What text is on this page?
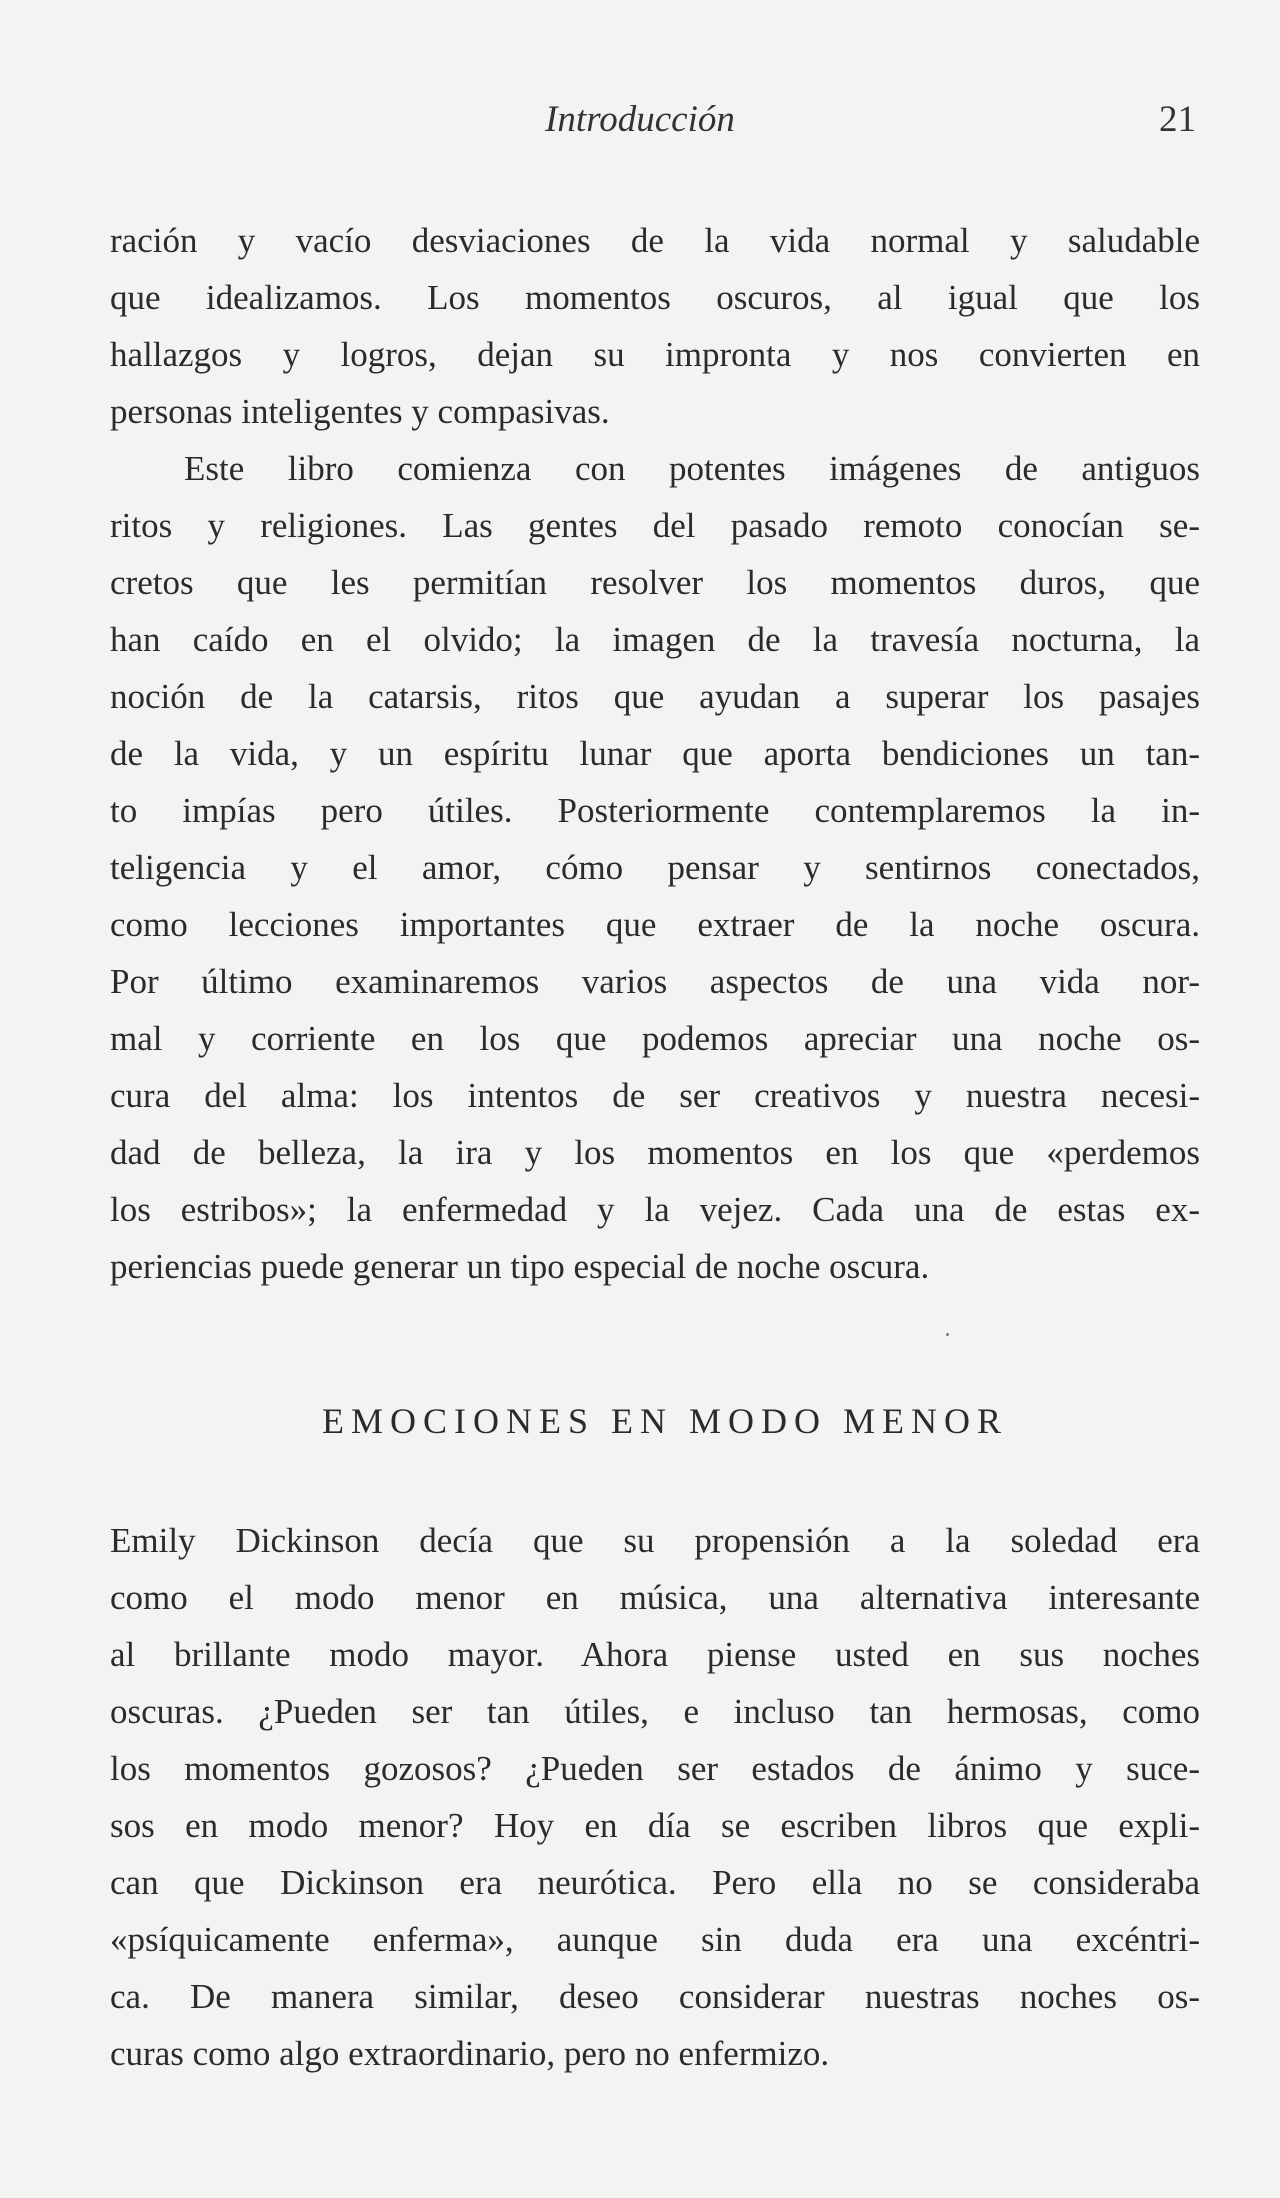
Introducción	21
ración y vacío desviaciones de la vida normal y saludable
que idealizamos. Los momentos oscuros, al igual que los
hallazgos y logros, dejan su impronta y nos convierten en
personas inteligentes y compasivas.
Este libro comienza con potentes imágenes de antiguos
ritos y religiones. Las gentes del pasado remoto conocían se-
cretos que les permitían resolver los momentos duros, que
han caído en el olvido; la imagen de la travesía nocturna, la
noción de la catarsis, ritos que ayudan a superar los pasajes
de la vida, y un espíritu lunar que aporta bendiciones un tan-
to impías pero útiles. Posteriormente contemplaremos la in-
teligencia y el amor, cómo pensar y sentirnos conectados,
como lecciones importantes que extraer de la noche oscura.
Por último examinaremos varios aspectos de una vida nor-
mal y corriente en los que podemos apreciar una noche os-
cura del alma: los intentos de ser creativos y nuestra necesi-
dad de belleza, la ira y los momentos en los que «perdemos
los estribos»; la enfermedad y la vejez. Cada una de estas ex-
periencias puede generar un tipo especial de noche oscura.
EMOCIONES EN MODO MENOR
Emily Dickinson decía que su propensión a la soledad era
como el modo menor en música, una alternativa interesante
al brillante modo mayor. Ahora piense usted en sus noches
oscuras. ¿Pueden ser tan útiles, e incluso tan hermosas, como
los momentos gozosos? ¿Pueden ser estados de ánimo y suce-
sos en modo menor? Hoy en día se escriben libros que expli-
can que Dickinson era neurótica. Pero ella no se consideraba
«psíquicamente enferma», aunque sin duda era una excéntri-
ca. De manera similar, deseo considerar nuestras noches os-
curas como algo extraordinario, pero no enfermizo.
